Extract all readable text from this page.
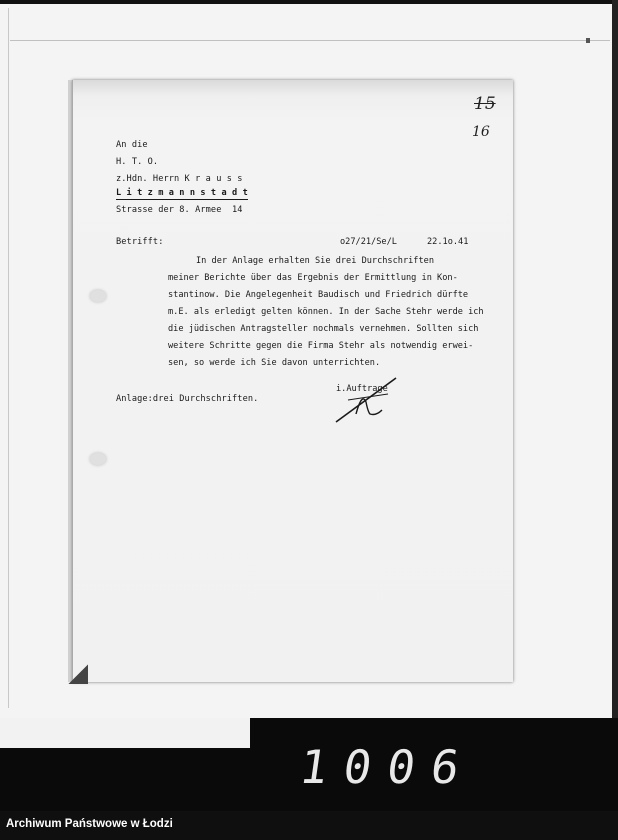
15
16
An die
H. T. O.
z.Hdn. Herrn K r a u s s
L i t z m a n n s t a d t
Strasse der 8. Armee  14
Betrifft:	o27/21/Se/L	22.1o.41
In der Anlage erhalten Sie drei Durchschriften
meiner Berichte über das Ergebnis der Ermittlung in Kon-
stantinow. Die Angelegenheit Baudisch und Friedrich dürfte
m.E. als erledigt gelten können. In der Sache Stehr werde ich
die jüdischen Antragsteller nochmals vernehmen. Sollten sich
weitere Schritte gegen die Firma Stehr als notwendig erwei-
sen, so werde ich Sie davon unterrichten.
i.Auftrage
Anlage:drei Durchschriften.
1006
Archiwum Państwowe w Łodzi
